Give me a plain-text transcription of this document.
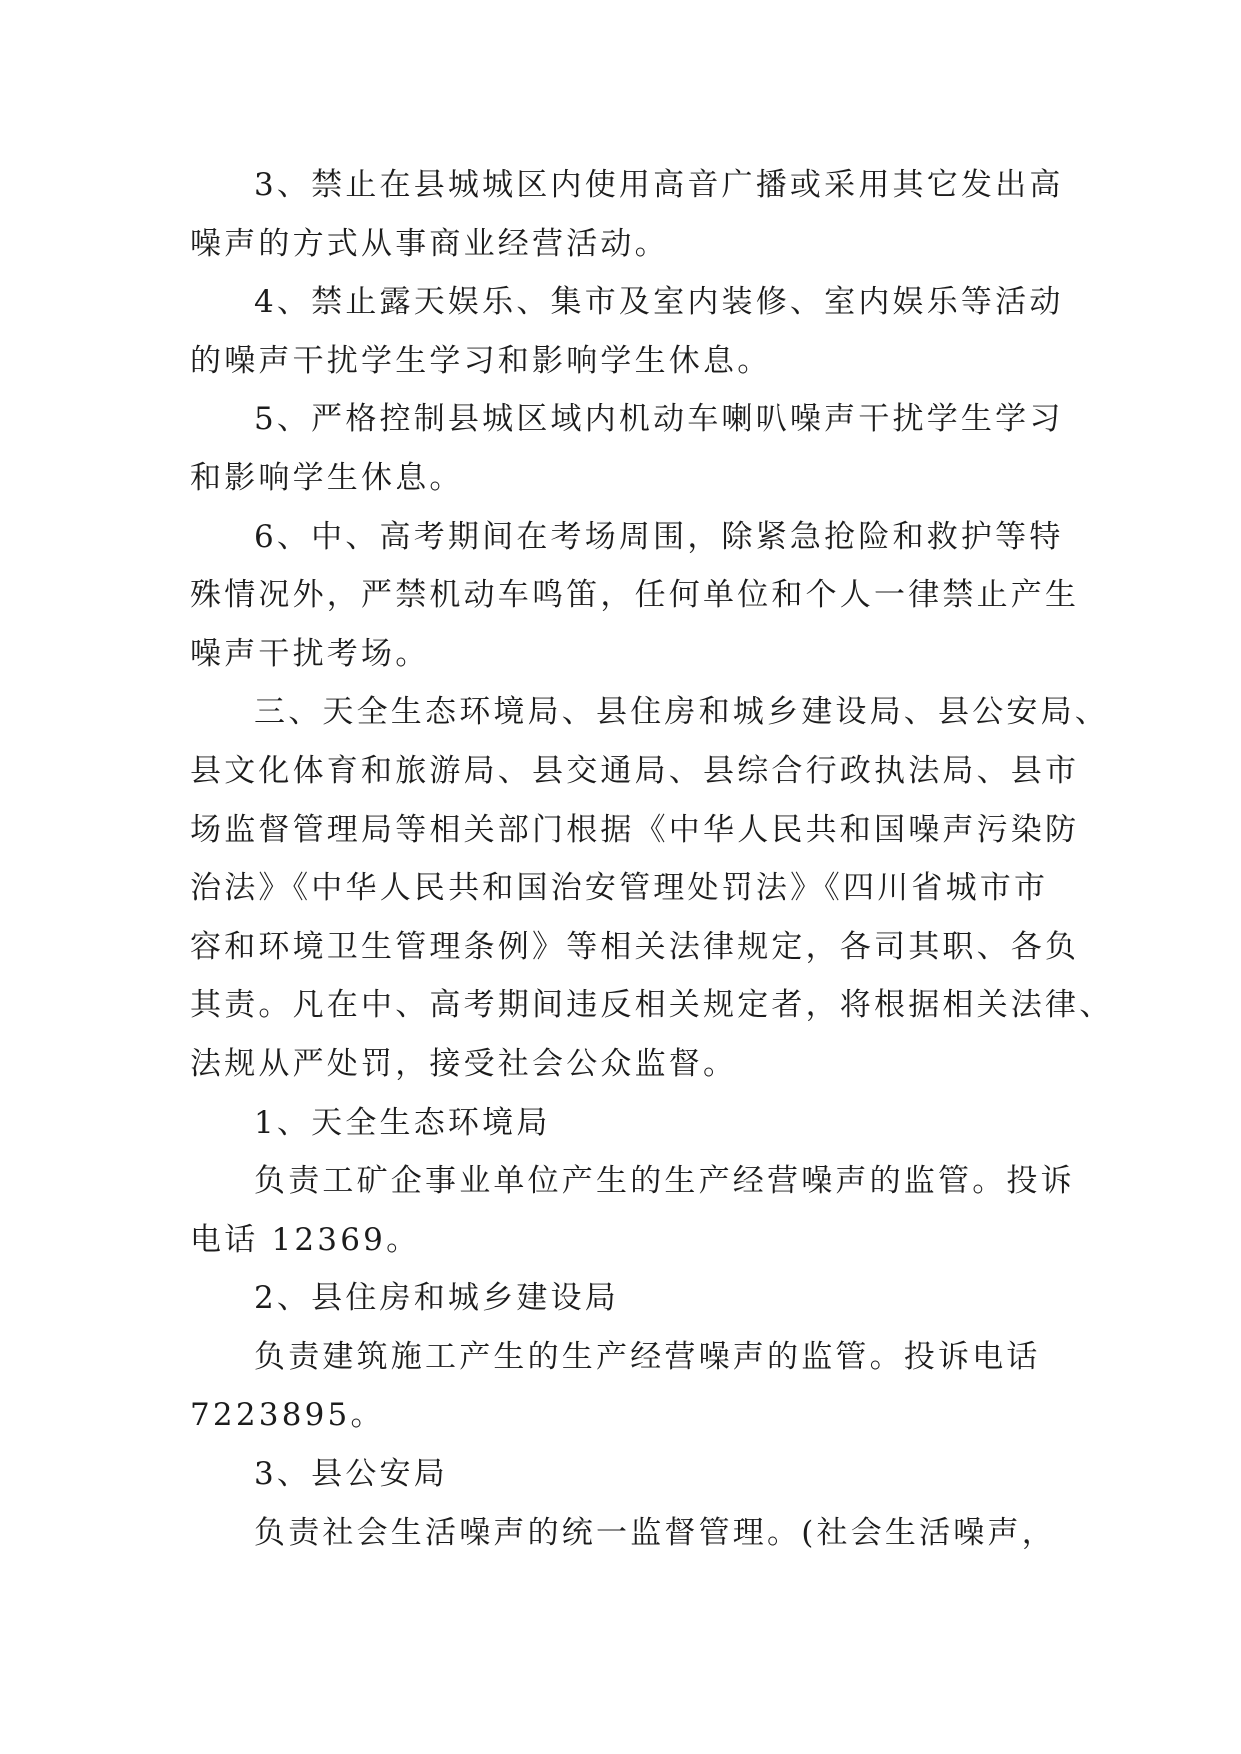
3、禁止在县城城区内使用高音广播或采用其它发出高
噪声的方式从事商业经营活动。

4、禁止露天娱乐、集市及室内装修、室内娱乐等活动
的噪声干扰学生学习和影响学生休息。

5、严格控制县城区域内机动车喇叭噪声干扰学生学习
和影响学生休息。

6、中、高考期间在考场周围，除紧急抢险和救护等特
殊情况外，严禁机动车鸣笛，任何单位和个人一律禁止产生
噪声干扰考场。

三、天全生态环境局、县住房和城乡建设局、县公安局、
县文化体育和旅游局、县交通局、县综合行政执法局、县市
场监督管理局等相关部门根据《中华人民共和国噪声污染防
治法》《中华人民共和国治安管理处罚法》《四川省城市市
容和环境卫生管理条例》等相关法律规定，各司其职、各负
其责。凡在中、高考期间违反相关规定者，将根据相关法律、
法规从严处罚，接受社会公众监督。

1、天全生态环境局

负责工矿企事业单位产生的生产经营噪声的监管。投诉
电话 12369。

2、县住房和城乡建设局

负责建筑施工产生的生产经营噪声的监管。投诉电话
7223895。

3、县公安局

负责社会生活噪声的统一监督管理。(社会生活噪声，
